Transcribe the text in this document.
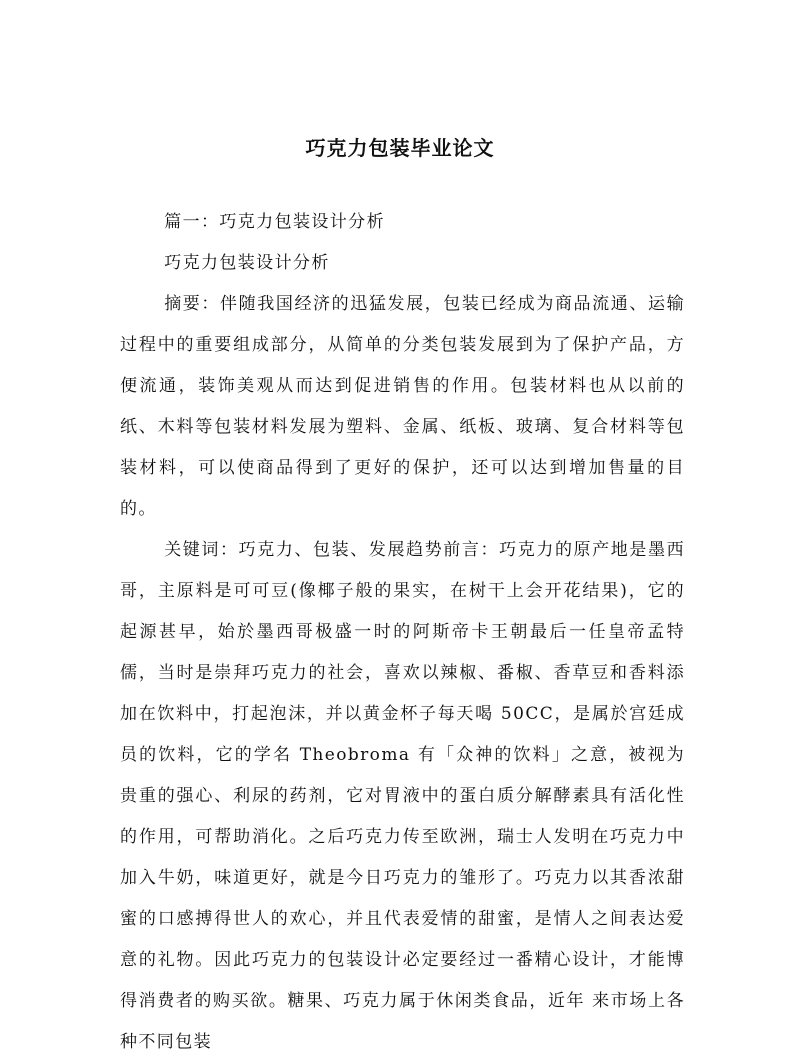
巧克力包装毕业论文

篇一：巧克力包装设计分析

巧克力包装设计分析

摘要：伴随我国经济的迅猛发展，包装已经成为商品流通、运输过程中的重要组成部分，从简单的分类包装发展到为了保护产品，方便流通，装饰美观从而达到促进销售的作用。包装材料也从以前的纸、木料等包装材料发展为塑料、金属、纸板、玻璃、复合材料等包装材料，可以使商品得到了更好的保护，还可以达到增加售量的目的。

关键词：巧克力、包装、发展趋势前言：巧克力的原产地是墨西哥，主原料是可可豆(像椰子般的果实，在树干上会开花结果)，它的起源甚早，始於墨西哥极盛一时的阿斯帝卡王朝最后一任皇帝孟特儒，当时是崇拜巧克力的社会，喜欢以辣椒、番椒、香草豆和香料添加在饮料中，打起泡沫，并以黄金杯子每天喝 50CC，是属於宫廷成员的饮料，它的学名 Theobroma 有「众神的饮料」之意，被视为贵重的强心、利尿的药剂，它对胃液中的蛋白质分解酵素具有活化性的作用，可帮助消化。之后巧克力传至欧洲，瑞士人发明在巧克力中加入牛奶，味道更好，就是今日巧克力的雏形了。巧克力以其香浓甜蜜的口感搏得世人的欢心，并且代表爱情的甜蜜，是情人之间表达爱意的礼物。因此巧克力的包装设计必定要经过一番精心设计，才能博得消费者的购买欲。糖果、巧克力属于休闲类食品，近年 来市场上各种不同包装
